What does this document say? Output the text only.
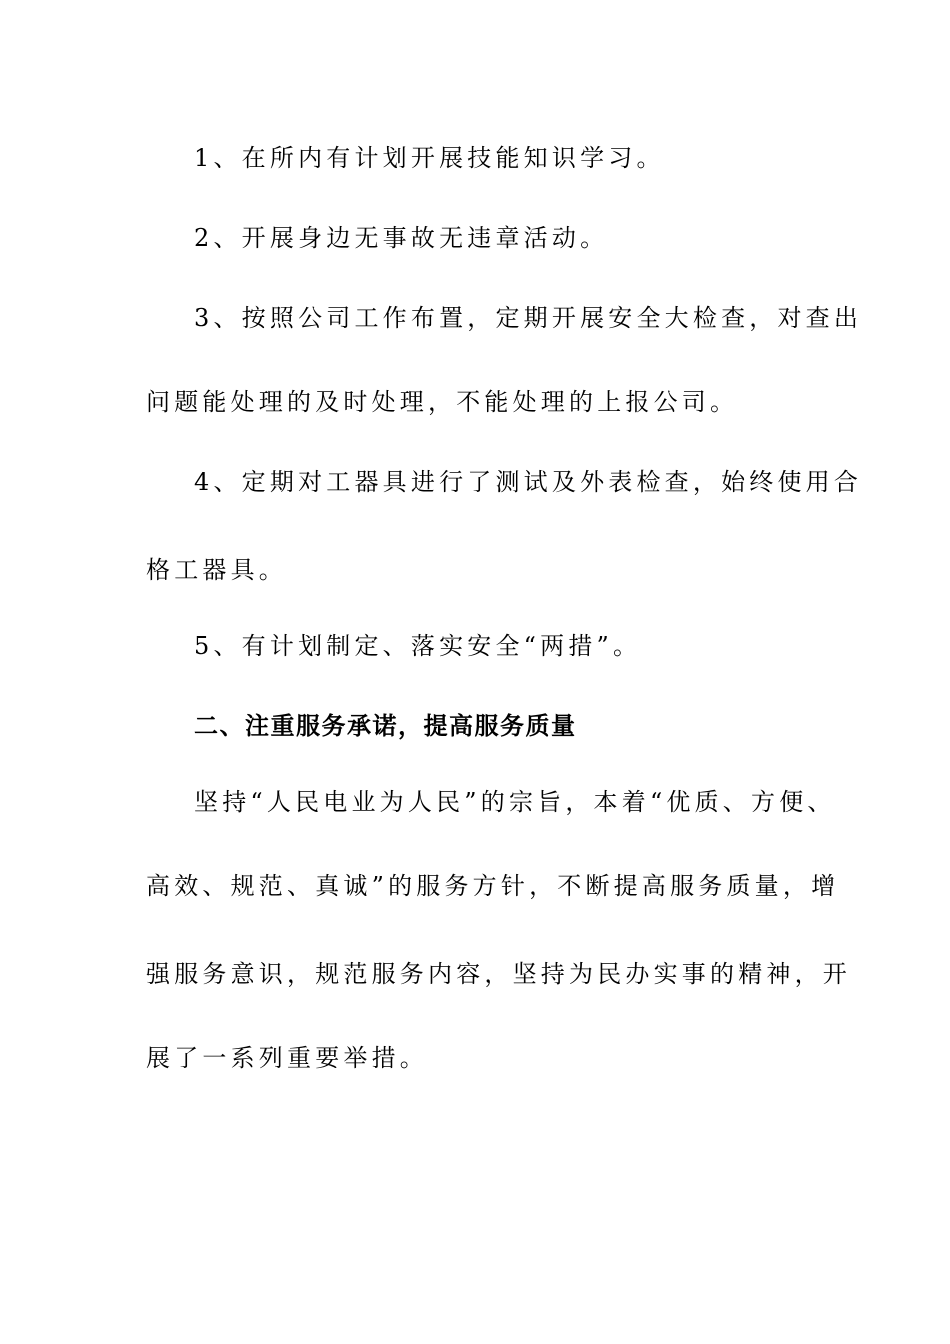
1、在所内有计划开展技能知识学习。
2、开展身边无事故无违章活动。
3、按照公司工作布置，定期开展安全大检查，对查出
问题能处理的及时处理，不能处理的上报公司。
4、定期对工器具进行了测试及外表检查，始终使用合
格工器具。
5、有计划制定、落实安全“两措”。
二、注重服务承诺，提高服务质量
坚持“人民电业为人民”的宗旨，本着“优质、方便、
高效、规范、真诚”的服务方针，不断提高服务质量，增
强服务意识，规范服务内容，坚持为民办实事的精神，开
展了一系列重要举措。
